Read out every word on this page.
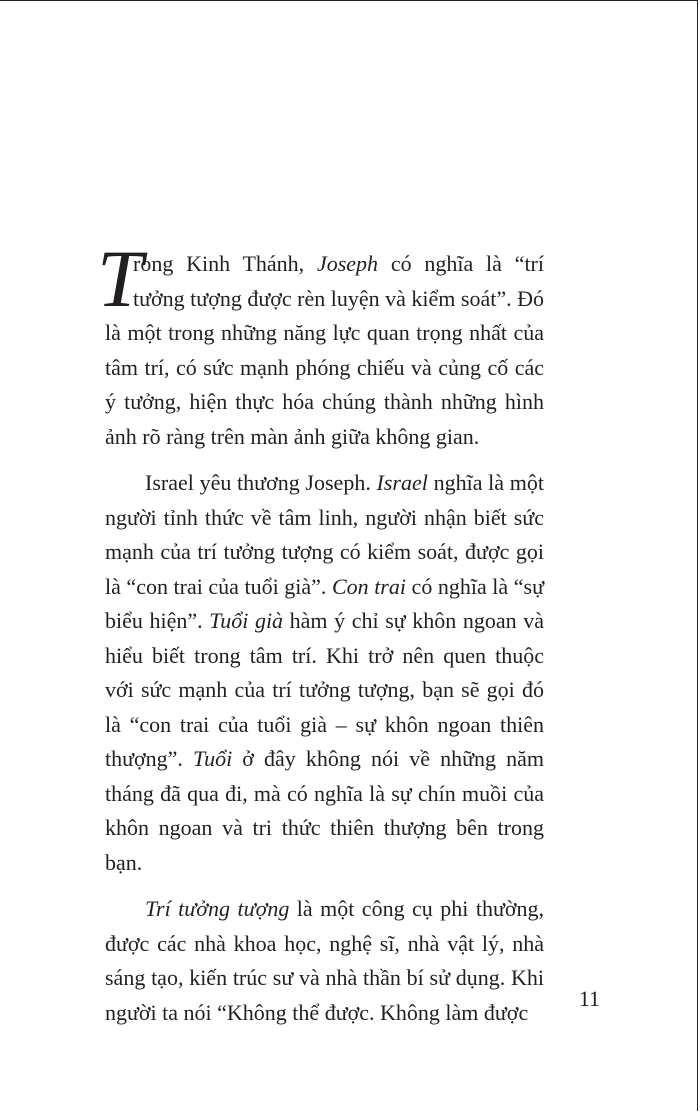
T
rong Kinh Thánh, Joseph có nghĩa là “trí tưởng tượng được rèn luyện và kiểm soát”. Đó là một trong những năng lực quan trọng nhất của tâm trí, có sức mạnh phóng chiếu và củng cố các ý tưởng, hiện thực hóa chúng thành những hình ảnh rõ ràng trên màn ảnh giữa không gian.

Israel yêu thương Joseph. Israel nghĩa là một người tỉnh thức về tâm linh, người nhận biết sức mạnh của trí tưởng tượng có kiểm soát, được gọi là “con trai của tuổi già”. Con trai có nghĩa là “sự biểu hiện”. Tuổi già hàm ý chỉ sự khôn ngoan và hiểu biết trong tâm trí. Khi trở nên quen thuộc với sức mạnh của trí tưởng tượng, bạn sẽ gọi đó là “con trai của tuổi già – sự khôn ngoan thiên thượng”. Tuổi ở đây không nói về những năm tháng đã qua đi, mà có nghĩa là sự chín muồi của khôn ngoan và tri thức thiên thượng bên trong bạn.

Trí tưởng tượng là một công cụ phi thường, được các nhà khoa học, nghệ sĩ, nhà vật lý, nhà sáng tạo, kiến trúc sư và nhà thần bí sử dụng. Khi người ta nói “Không thể được. Không làm được

11
